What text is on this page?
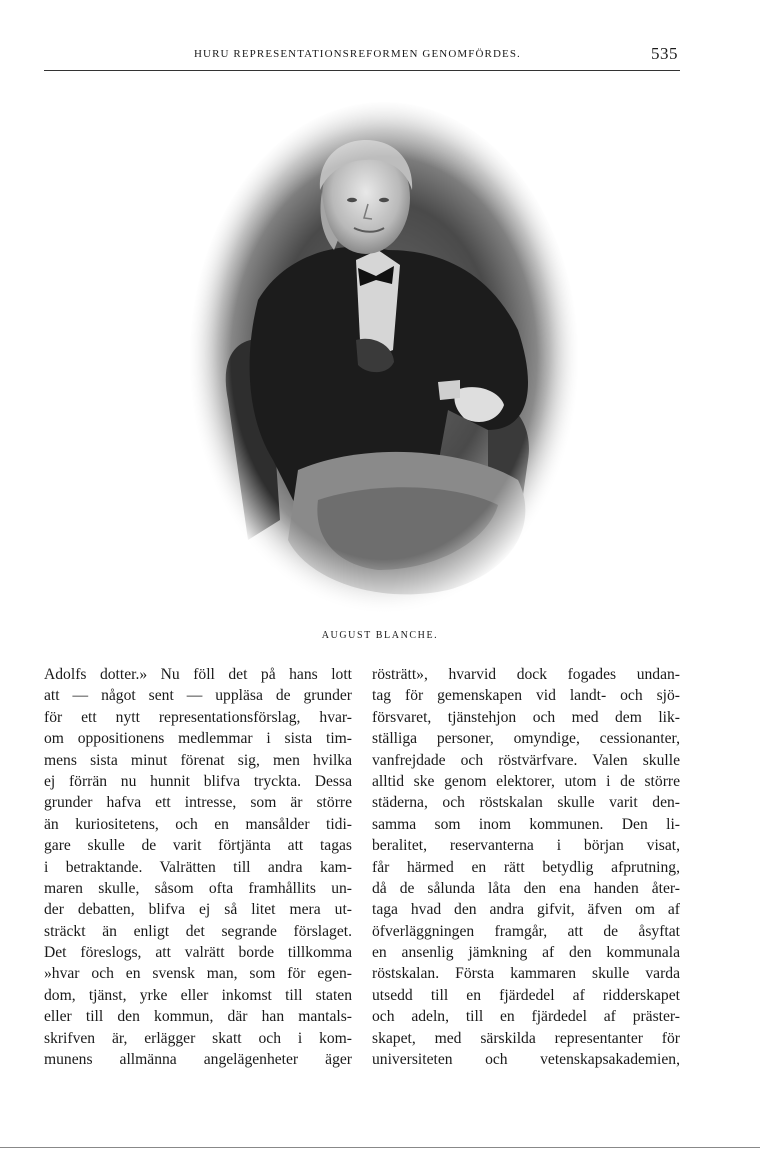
HURU REPRESENTATIONSREFORMEN GENOMFÖRDES.	535
AUGUST BLANCHE.
Adolfs dotter.» Nu föll det på hans lott
att — något sent — uppläsa de grunder
för ett nytt representationsförslag, hvar-
om oppositionens medlemmar i sista tim-
mens sista minut förenat sig, men hvilka
ej förrän nu hunnit blifva tryckta. Dessa
grunder hafva ett intresse, som är större
än kuriositetens, och en mansålder tidi-
gare skulle de varit förtjänta att tagas
i betraktande. Valrätten till andra kam-
maren skulle, såsom ofta framhållits un-
der debatten, blifva ej så litet mera ut-
sträckt än enligt det segrande förslaget.
Det föreslogs, att valrätt borde tillkomma
»hvar och en svensk man, som för egen-
dom, tjänst, yrke eller inkomst till staten
eller till den kommun, där han mantals-
skrifven är, erlägger skatt och i kom-
munens allmänna angelägenheter äger
rösträtt», hvarvid dock fogades undan-
tag för gemenskapen vid landt- och sjö-
försvaret, tjänstehjon och med dem lik-
ställiga personer, omyndige, cessionanter,
vanfrejdade och röstvärfvare. Valen skulle
alltid ske genom elektorer, utom i de större
städerna, och röstskalan skulle varit den-
samma som inom kommunen. Den li-
beralitet, reservanterna i början visat,
får härmed en rätt betydlig afprutning,
då de sålunda låta den ena handen åter-
taga hvad den andra gifvit, äfven om af
öfverläggningen framgår, att de åsyftat
en ansenlig jämkning af den kommunala
röstskalan. Första kammaren skulle varda
utsedd till en fjärdedel af ridderskapet
och adeln, till en fjärdedel af präster-
skapet, med särskilda representanter för
universiteten och vetenskapsakademien,
